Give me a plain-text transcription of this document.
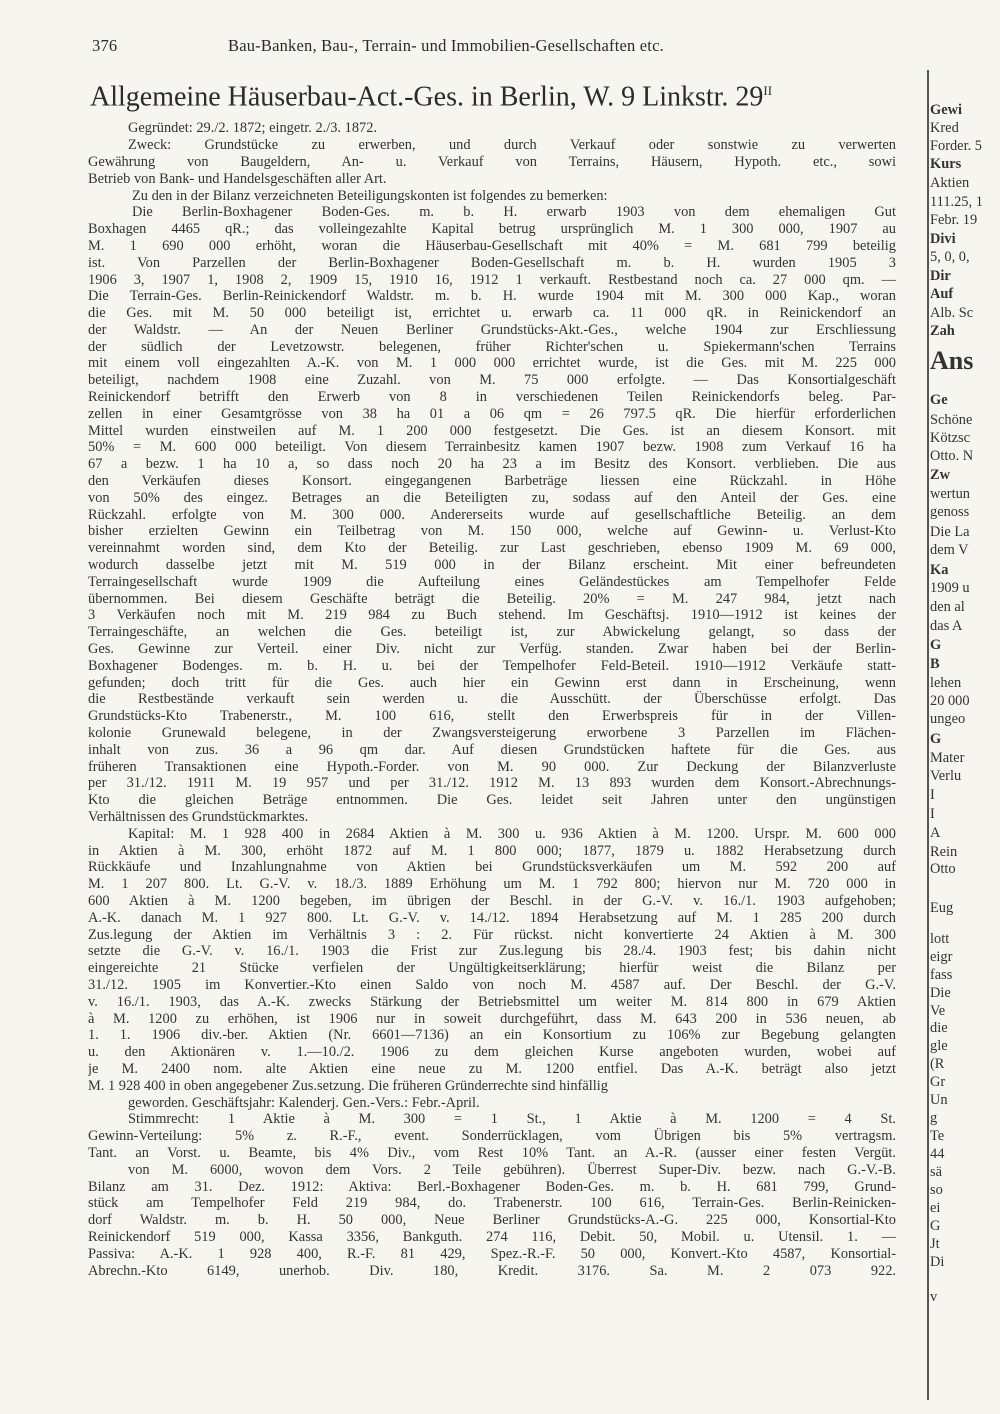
376	Bau-Banken, Bau-, Terrain- und Immobilien-Gesellschaften etc.
Allgemeine Häuserbau-Act.-Ges. in Berlin, W. 9 Linkstr. $29^{II}$
Gegründet: 29./2. 1872; eingetr. 2./3. 1872.
Zweck: Grundstücke zu erwerben, und durch Verkauf oder sonstwie zu verwerten
Gewährung von Baugeldern, An- u. Verkauf von Terrains, Häusern, Hypoth. etc., sowi
Betrieb von Bank- und Handelsgeschäften aller Art.
Zu den in der Bilanz verzeichneten Beteiligungskonten ist folgendes zu bemerken:
Die Berlin-Boxhagener Boden-Ges. m. b. H. erwarb 1903 von dem ehemaligen Gut
Boxhagen 4465 qR.; das volleingezahlte Kapital betrug ursprünglich M. 1 300 000, 1907 au
M. 1 690 000 erhöht, woran die Häuserbau-Gesellschaft mit 40% = M. 681 799 beteilig
ist. Von Parzellen der Berlin-Boxhagener Boden-Gesellschaft m. b. H. wurden 1905 3
1906 3, 1907 1, 1908 2, 1909 15, 1910 16, 1912 1 verkauft. Restbestand noch ca. 27 000 qm. —
Die Terrain-Ges. Berlin-Reinickendorf Waldstr. m. b. H. wurde 1904 mit M. 300 000 Kap., woran
die Ges. mit M. 50 000 beteiligt ist, errichtet u. erwarb ca. 11 000 qR. in Reinickendorf an
der Waldstr. — An der Neuen Berliner Grundstücks-Akt.-Ges., welche 1904 zur Erschliessung
der südlich der Levetzowstr. belegenen, früher Richter'schen u. Spiekermann'schen Terrains
mit einem voll eingezahlten A.-K. von M. 1 000 000 errichtet wurde, ist die Ges. mit M. 225 000
beteiligt, nachdem 1908 eine Zuzahl. von M. 75 000 erfolgte. — Das Konsortialgeschäft
Reinickendorf betrifft den Erwerb von 8 in verschiedenen Teilen Reinickendorfs beleg. Par-
zellen in einer Gesamtgrösse von 38 ha 01 a 06 qm = 26 797.5 qR. Die hierfür erforderlichen
Mittel wurden einstweilen auf M. 1 200 000 festgesetzt. Die Ges. ist an diesem Konsort. mit
50% = M. 600 000 beteiligt. Von diesem Terrainbesitz kamen 1907 bezw. 1908 zum Verkauf 16 ha
67 a bezw. 1 ha 10 a, so dass noch 20 ha 23 a im Besitz des Konsort. verblieben. Die aus
den Verkäufen dieses Konsort. eingegangenen Barbeträge liessen eine Rückzahl. in Höhe
von 50% des eingez. Betrages an die Beteiligten zu, sodass auf den Anteil der Ges. eine
Rückzahl. erfolgte von M. 300 000. Andererseits wurde auf gesellschaftliche Beteilig. an dem
bisher erzielten Gewinn ein Teilbetrag von M. 150 000, welche auf Gewinn- u. Verlust-Kto
vereinnahmt worden sind, dem Kto der Beteilig. zur Last geschrieben, ebenso 1909 M. 69 000,
wodurch dasselbe jetzt mit M. 519 000 in der Bilanz erscheint. Mit einer befreundeten
Terraingesellschaft wurde 1909 die Aufteilung eines Geländestückes am Tempelhofer Felde
übernommen. Bei diesem Geschäfte beträgt die Beteilig. 20% = M. 247 984, jetzt nach
3 Verkäufen noch mit M. 219 984 zu Buch stehend. Im Geschäftsj. 1910—1912 ist keines der
Terraingeschäfte, an welchen die Ges. beteiligt ist, zur Abwickelung gelangt, so dass der
Ges. Gewinne zur Verteil. einer Div. nicht zur Verfüg. standen. Zwar haben bei der Berlin-
Boxhagener Bodenges. m. b. H. u. bei der Tempelhofer Feld-Beteil. 1910—1912 Verkäufe statt-
gefunden; doch tritt für die Ges. auch hier ein Gewinn erst dann in Erscheinung, wenn
die Restbestände verkauft sein werden u. die Ausschütt. der Überschüsse erfolgt. Das
Grundstücks-Kto Trabenerstr., M. 100 616, stellt den Erwerbspreis für in der Villen-
kolonie Grunewald belegene, in der Zwangsversteigerung erworbene 3 Parzellen im Flächen-
inhalt von zus. 36 a 96 qm dar. Auf diesen Grundstücken haftete für die Ges. aus
früheren Transaktionen eine Hypoth.-Forder. von M. 90 000. Zur Deckung der Bilanzverluste
per 31./12. 1911 M. 19 957 und per 31./12. 1912 M. 13 893 wurden dem Konsort.-Abrechnungs-
Kto die gleichen Beträge entnommen. Die Ges. leidet seit Jahren unter den ungünstigen
Verhältnissen des Grundstückmarktes.
Kapital: M. 1 928 400 in 2684 Aktien à M. 300 u. 936 Aktien à M. 1200. Urspr. M. 600 000
in Aktien à M. 300, erhöht 1872 auf M. 1 800 000; 1877, 1879 u. 1882 Herabsetzung durch
Rückkäufe und Inzahlungnahme von Aktien bei Grundstücksverkäufen um M. 592 200 auf
M. 1 207 800. Lt. G.-V. v. 18./3. 1889 Erhöhung um M. 1 792 800; hiervon nur M. 720 000 in
600 Aktien à M. 1200 begeben, im übrigen der Beschl. in der G.-V. v. 16./1. 1903 aufgehoben;
A.-K. danach M. 1 927 800. Lt. G.-V. v. 14./12. 1894 Herabsetzung auf M. 1 285 200 durch
Zus.legung der Aktien im Verhältnis 3 : 2. Für rückst. nicht konvertierte 24 Aktien à M. 300
setzte die G.-V. v. 16./1. 1903 die Frist zur Zus.legung bis 28./4. 1903 fest; bis dahin nicht
eingereichte 21 Stücke verfielen der Ungültigkeitserklärung; hierfür weist die Bilanz per
31./12. 1905 im Konvertier.-Kto einen Saldo von noch M. 4587 auf. Der Beschl. der G.-V.
v. 16./1. 1903, das A.-K. zwecks Stärkung der Betriebsmittel um weiter M. 814 800 in 679 Aktien
à M. 1200 zu erhöhen, ist 1906 nur in soweit durchgeführt, dass M. 643 200 in 536 neuen, ab
1. 1. 1906 div.-ber. Aktien (Nr. 6601—7136) an ein Konsortium zu 106% zur Begebung gelangten
u. den Aktionären v. 1.—10./2. 1906 zu dem gleichen Kurse angeboten wurden, wobei auf
je M. 2400 nom. alte Aktien eine neue zu M. 1200 entfiel. Das A.-K. beträgt also jetzt
M. 1 928 400 in oben angegebener Zus.setzung. Die früheren Gründerrechte sind hinfällig
geworden. Geschäftsjahr: Kalenderj. Gen.-Vers.: Febr.-April.
Stimmrecht: 1 Aktie à M. 300 = 1 St., 1 Aktie à M. 1200 = 4 St.
Gewinn-Verteilung: 5% z. R.-F., event. Sonderrücklagen, vom Übrigen bis 5% vertragsm.
Tant. an Vorst. u. Beamte, bis 4% Div., vom Rest 10% Tant. an A.-R. (ausser einer festen Vergüt.
von M. 6000, wovon dem Vors. 2 Teile gebühren). Überrest Super-Div. bezw. nach G.-V.-B.
Bilanz am 31. Dez. 1912: Aktiva: Berl.-Boxhagener Boden-Ges. m. b. H. 681 799, Grund-
stück am Tempelhofer Feld 219 984, do. Trabenerstr. 100 616, Terrain-Ges. Berlin-Reinicken-
dorf Waldstr. m. b. H. 50 000, Neue Berliner Grundstücks-A.-G. 225 000, Konsortial-Kto
Reinickendorf 519 000, Kassa 3356, Bankguth. 274 116, Debit. 50, Mobil. u. Utensil. 1. —
Passiva: A.-K. 1 928 400, R.-F. 81 429, Spez.-R.-F. 50 000, Konvert.-Kto 4587, Konsortial-
Abrechn.-Kto 6149, unerhob. Div. 180, Kredit. 3176. Sa. M. 2 073 922.
Gewi
Kred
Forder. 5
Kurs
Aktien
111.25, 1
Febr. 19
Divi
5, 0, 0,
Dir
Auf
Alb. Sc
Zah
Ans
Ge
Schöne
Kötzsc
Otto. N
Zw
wertun
genoss
Die La
dem V
Ka
1909 u
den al
das A
G
B
lehen
20 000
ungeo
G
Mater
Verlu
I
I
A
Rein
Otto
Eug
lott
eigr
fass
Die
Ve
die
gle
(R
Gr
Un
g
Te
44
sä
so
ei
G
Jt
Di
v
